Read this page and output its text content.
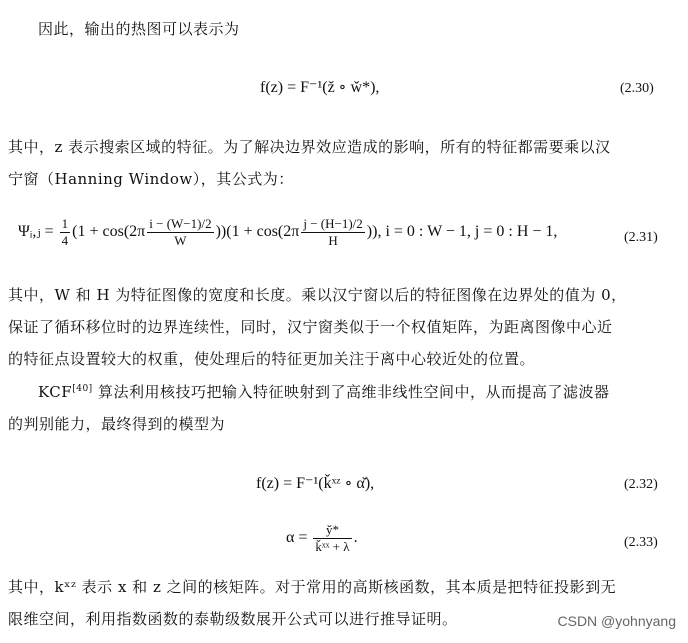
因此，输出的热图可以表示为
f(z) = F⁻¹(ž ∘ w̌*),	(2.30)
其中，z 表示搜索区域的特征。为了解决边界效应造成的影响，所有的特征都需要乘以汉
宁窗（Hanning Window），其公式为：
Ψᵢ,ⱼ = $\frac{1}{4} (1 + \cos(2\pi \frac{i - (W-1)/2}{W} ))(1 + \cos(2\pi \frac{j - (H-1)/2}{H}$ )), i = 0 : W − 1, j = 0 : H − 1,	(2.31)
其中，W 和 H 为特征图像的宽度和长度。乘以汉宁窗以后的特征图像在边界处的值为 0，
保证了循环移位时的边界连续性，同时，汉宁窗类似于一个权值矩阵，为距离图像中心近
的特征点设置较大的权重，使处理后的特征更加关注于离中心较近处的位置。
KCF[40] 算法利用核技巧把输入特征映射到了高维非线性空间中，从而提高了滤波器
的判别能力，最终得到的模型为
f(z) = F⁻¹(ǩˣᶻ ∘ α̌),	(2.32)
$\alpha = \frac{y̌*}{\text{ǩˣˣ + λ}}$ .	(2.33)
其中，kˣᶻ 表示 x 和 z 之间的核矩阵。对于常用的高斯核函数，其本质是把特征投影到无
限维空间，利用指数函数的泰勒级数展开公式可以进行推导证明。	CSDN @yohnyang
